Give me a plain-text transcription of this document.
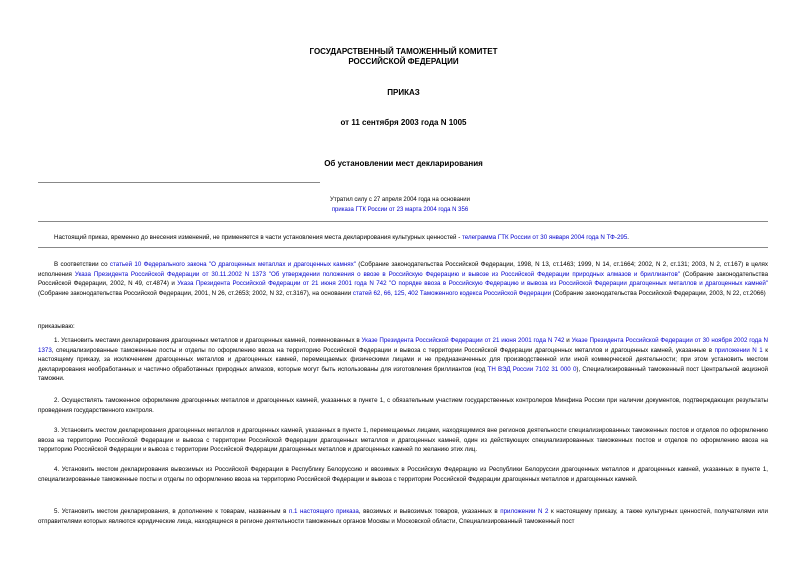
ГОСУДАРСТВЕННЫЙ ТАМОЖЕННЫЙ КОМИТЕТ
РОССИЙСКОЙ ФЕДЕРАЦИИ
ПРИКАЗ
от 11 сентября 2003 года N 1005
Об установлении мест декларирования
Утратил силу с 27 апреля 2004 года на основании
приказа ГТК России от 23 марта 2004 года N 356
Настоящий приказ, временно до внесения изменений, не применяется в части установления места декларирования культурных ценностей - телеграмма ГТК России от 30 января 2004 года N ТФ-295.
В соответствии со статьей 10 Федерального закона "О драгоценных металлах и драгоценных камнях" (Собрание законодательства Российской Федерации, 1998, N 13, ст.1463; 1999, N 14, ст.1664; 2002, N 2, ст.131; 2003, N 2, ст.167) в целях исполнения Указа Президента Российской Федерации от 30.11.2002 N 1373 "Об утверждении положения о ввозе в Российскую Федерацию и вывозе из Российской Федерации природных алмазов и бриллиантов" (Собрание законодательства Российской Федерации, 2002, N 49, ст.4874) и Указа Президента Российской Федерации от 21 июня 2001 года N 742 "О порядке ввоза в Российскую Федерацию и вывоза из Российской Федерации драгоценных металлов и драгоценных камней" (Собрание законодательства Российской Федерации, 2001, N 26, ст.2653; 2002, N 32, ст.3167), на основании статей 62, 66, 125, 402 Таможенного кодекса Российской Федерации (Собрание законодательства Российской Федерации, 2003, N 22, ст.2066)
приказываю:
1. Установить местами декларирования драгоценных металлов и драгоценных камней, поименованных в Указе Президента Российской Федерации от 21 июня 2001 года N 742 и Указе Президента Российской Федерации от 30 ноября 2002 года N 1373, специализированные таможенные посты и отделы по оформлению ввоза на территорию Российской Федерации и вывоза с территории Российской Федерации драгоценных металлов и драгоценных камней, указанные в приложении N 1 к настоящему приказу, за исключением драгоценных металлов и драгоценных камней, перемещаемых физическими лицами и не предназначенных для производственной или иной коммерческой деятельности; при этом установить местом декларирования необработанных и частично обработанных природных алмазов, которые могут быть использованы для изготовления бриллиантов (код ТН ВЭД России 7102 31 000 0), Специализированный таможенный пост Центральной акцизной таможни.
2. Осуществлять таможенное оформление драгоценных металлов и драгоценных камней, указанных в пункте 1, с обязательным участием государственных контролеров Минфина России при наличии документов, подтверждающих результаты проведения государственного контроля.
3. Установить местом декларирования драгоценных металлов и драгоценных камней, указанных в пункте 1, перемещаемых лицами, находящимися вне регионов деятельности специализированных таможенных постов и отделов по оформлению ввоза на территорию Российской Федерации и вывоза с территории Российской Федерации драгоценных металлов и драгоценных камней, один из действующих специализированных таможенных постов и отделов по оформлению ввоза на территорию Российской Федерации и вывоза с территории Российской Федерации драгоценных металлов и драгоценных камней по желанию этих лиц.
4. Установить местом декларирования вывозимых из Российской Федерации в Республику Белоруссию и ввозимых в Российскую Федерацию из Республики Белоруссии драгоценных металлов и драгоценных камней, указанных в пункте 1, специализированные таможенные посты и отделы по оформлению ввоза на территорию Российской Федерации и вывоза с территории Российской Федерации драгоценных металлов и драгоценных камней.
5. Установить местом декларирования, в дополнение к товарам, названным в п.1 настоящего приказа, ввозимых и вывозимых товаров, указанных в приложении N 2 к настоящему приказу, а также культурных ценностей, получателями или отправителями которых являются юридические лица, находящиеся в регионе деятельности таможенных органов Москвы и Московской области, Специализированный таможенный пост
